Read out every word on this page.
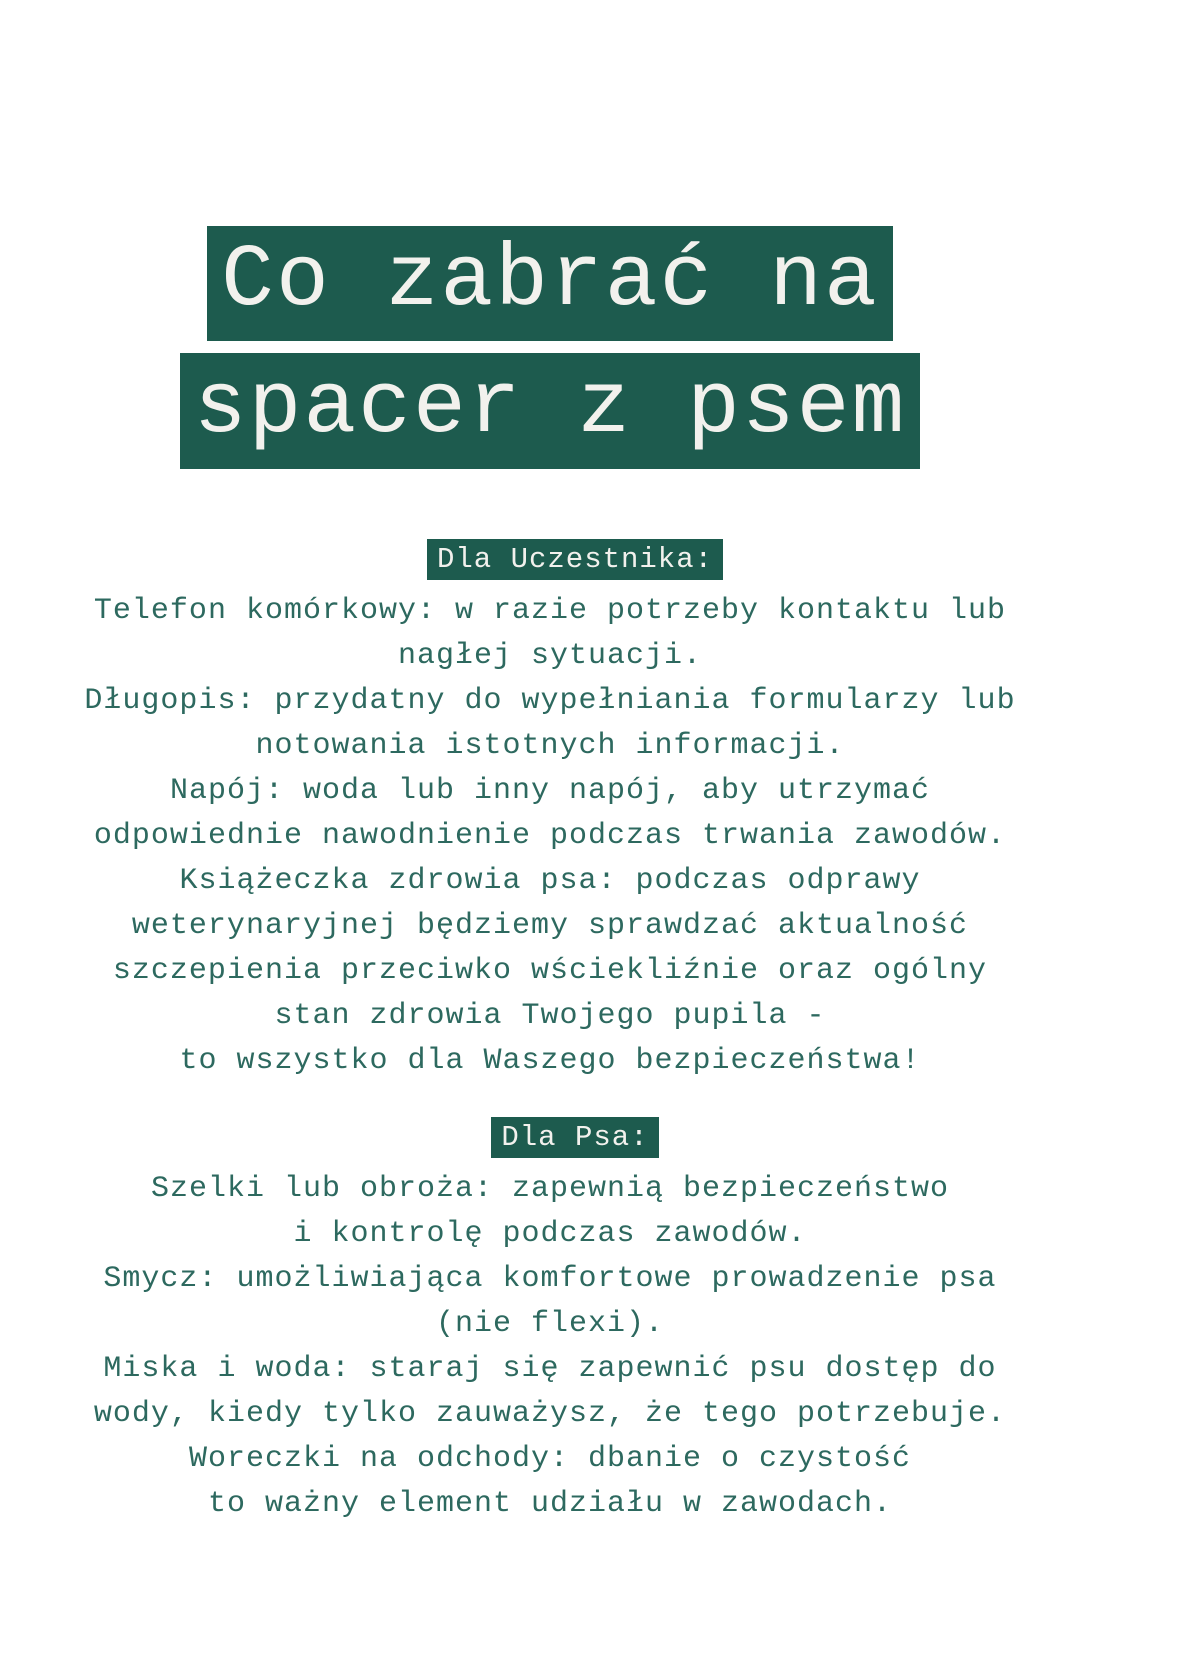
Co zabrać na
spacer z psem
Dla Uczestnika:
Telefon komórkowy: w razie potrzeby kontaktu lub
nagłej sytuacji.
Długopis: przydatny do wypełniania formularzy lub
notowania istotnych informacji.
Napój: woda lub inny napój, aby utrzymać
odpowiednie nawodnienie podczas trwania zawodów.
Książeczka zdrowia psa: podczas odprawy
weterynaryjnej będziemy sprawdzać aktualność
szczepienia przeciwko wściekliźnie oraz ogólny
stan zdrowia Twojego pupila -
to wszystko dla Waszego bezpieczeństwa!
Dla Psa:
Szelki lub obroża: zapewnią bezpieczeństwo
i kontrolę podczas zawodów.
Smycz: umożliwiająca komfortowe prowadzenie psa
(nie flexi).
Miska i woda: staraj się zapewnić psu dostęp do
wody, kiedy tylko zauważysz, że tego potrzebuje.
Woreczki na odchody: dbanie o czystość
to ważny element udziału w zawodach.
